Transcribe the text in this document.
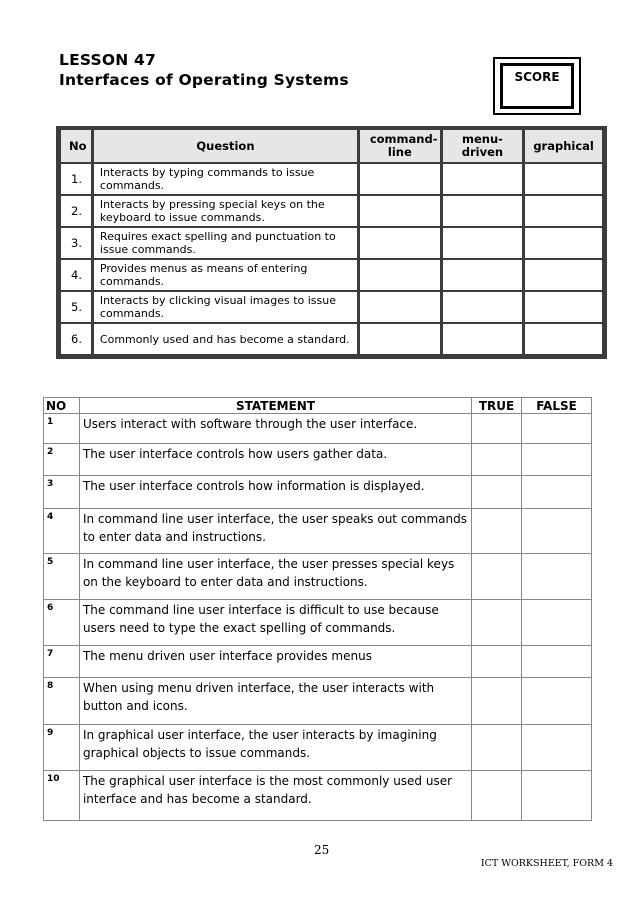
LESSON 47
Interfaces of Operating Systems	SCORE
No	Question	command-line	menu-driven	graphical
1.	Interacts by typing commands to issue commands.			
2.	Interacts by pressing special keys on the keyboard to issue commands.			
3.	Requires exact spelling and punctuation to issue commands.			
4.	Provides menus as means of entering commands.			
5.	Interacts by clicking visual images to issue commands.			
6.	Commonly used and has become a standard.			
NO	STATEMENT	TRUE	FALSE
1	Users interact with software through the user interface.		
2	The user interface controls how users gather data.		
3	The user interface controls how information is displayed.		
4	In command line user interface, the user speaks out commands to enter data and instructions.		
5	In command line user interface, the user presses special keys on the keyboard to enter data and instructions.		
6	The command line user interface is difficult to use because users need to type the exact spelling of commands.		
7	The menu driven user interface provides menus		
8	When using menu driven interface, the user interacts with button and icons.		
9	In graphical user interface, the user interacts by imagining graphical objects to issue commands.		
10	The graphical user interface is the most commonly used user interface and has become a standard.		
25
ICT WORKSHEET, FORM 4
